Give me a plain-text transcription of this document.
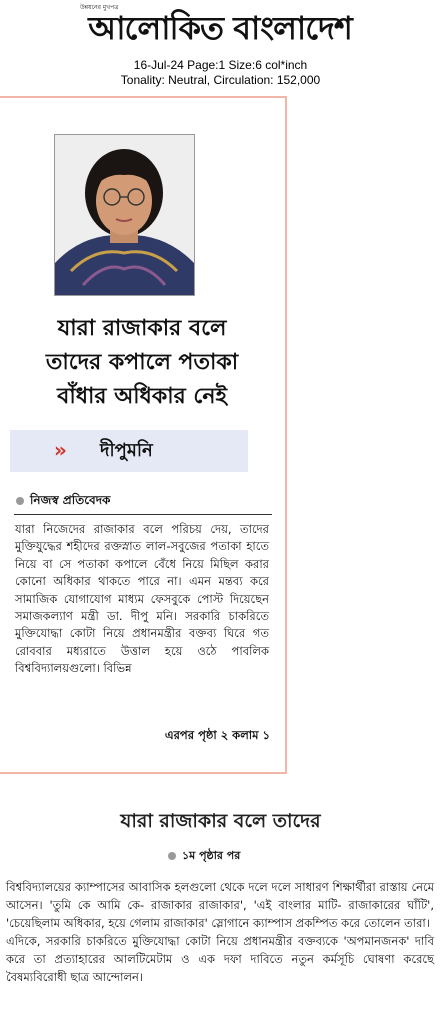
উন্নয়নের মুখপত্র
আলোকিত বাংলাদেশ
16-Jul-24 Page:1 Size:6 col*inch
Tonality: Neutral, Circulation: 152,000
যারা রাজাকার বলে
তাদের কপালে পতাকা
বাঁধার অধিকার নেই
» দীপুমনি
নিজস্ব প্রতিবেদক
যারা নিজেদের রাজাকার বলে পরিচয় দেয়, তাদের মুক্তিযুদ্ধের শহীদের রক্তস্নাত লাল-সবুজের পতাকা হাতে নিয়ে বা সে পতাকা কপালে বেঁধে নিয়ে মিছিল করার কোনো অধিকার থাকতে পারে না। এমন মন্তব্য করে সামাজিক যোগাযোগ মাধ্যম ফেসবুকে পোস্ট দিয়েছেন সমাজকল্যাণ মন্ত্রী ডা. দীপু মনি। সরকারি চাকরিতে মুক্তিযোদ্ধা কোটা নিয়ে প্রধানমন্ত্রীর বক্তব্য ঘিরে গত রোববার মধ্যরাতে উত্তাল হয়ে ওঠে পাবলিক বিশ্ববিদ্যালয়গুলো। বিভিন্ন
এরপর পৃষ্ঠা ২ কলাম ১
যারা রাজাকার বলে তাদের
১ম পৃষ্ঠার পর

বিশ্ববিদ্যালয়ের ক্যাম্পাসের আবাসিক হলগুলো থেকে দলে দলে সাধারণ শিক্ষার্থীরা রাস্তায় নেমে আসেন। 'তুমি কে আমি কে- রাজাকার রাজাকার', 'এই বাংলার মাটি- রাজাকারের ঘাঁটি', 'চেয়েছিলাম অধিকার, হয়ে গেলাম রাজাকার' স্লোগানে ক্যাম্পাস প্রকম্পিত করে তোলেন তারা।

এদিকে, সরকারি চাকরিতে মুক্তিযোদ্ধা কোটা নিয়ে প্রধানমন্ত্রীর বক্তব্যকে 'অপমানজনক' দাবি করে তা প্রত্যাহারের আলটিমেটাম ও এক দফা দাবিতে নতুন কর্মসূচি ঘোষণা করেছে বৈষম্যবিরোধী ছাত্র আন্দোলন।
